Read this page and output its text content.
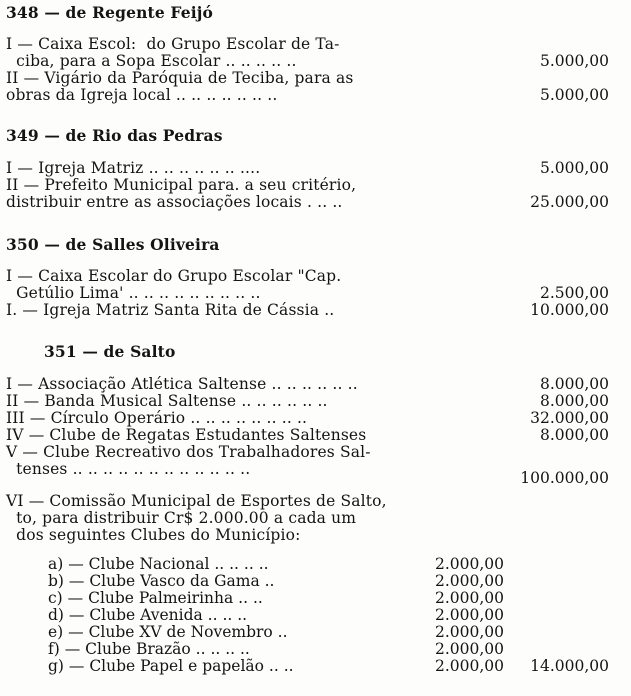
348 — de Regente Feijó
I — Caixa Escol:  do Grupo Escolar de Ta-
ciba, para a Sopa Escolar .. .. .. .. ..	5.000,00
II — Vigário da Paróquia de Teciba, para as
obras da Igreja local .. .. .. .. .. .. ..	5.000,00
349 — de Rio das Pedras
I — Igreja Matriz .. .. .. .. .. .. ....	5.000,00
II — Prefeito Municipal para. a seu critério,
distribuir entre as associações locais . .. ..	25.000,00
350 — de Salles Oliveira
I — Caixa Escolar do Grupo Escolar "Cap.
Getúlio Lima' .. .. .. .. .. .. .. .. ..	2.500,00
I. — Igreja Matriz Santa Rita de Cássia ..	10.000,00
351 — de Salto
I — Associação Atlética Saltense .. .. .. .. .. ..	8.000,00
II — Banda Musical Saltense .. .. .. .. .. ..	8.000,00
III — Círculo Operário .. .. .. .. .. .. .. ..	32.000,00
IV — Clube de Regatas Estudantes Saltenses	8.000,00
V — Clube Recreativo dos Trabalhadores Sal-
tenses .. .. .. .. .. .. .. .. .. .. .. ..	100.000,00
VI — Comissão Municipal de Esportes de Salto,
to, para distribuir Cr$ 2.000.00 a cada um
dos seguintes Clubes do Município:
a) — Clube Nacional .. .. .. ..	2.000,00
b) — Clube Vasco da Gama ..	2.000,00
c) — Clube Palmeirinha .. ..	2.000,00
d) — Clube Avenida .. .. ..	2.000,00
e) — Clube XV de Novembro ..	2.000,00
f) — Clube Brazão .. .. .. ..	2.000,00
g) — Clube Papel e papelão .. ..	2.000,00 14.000,00
